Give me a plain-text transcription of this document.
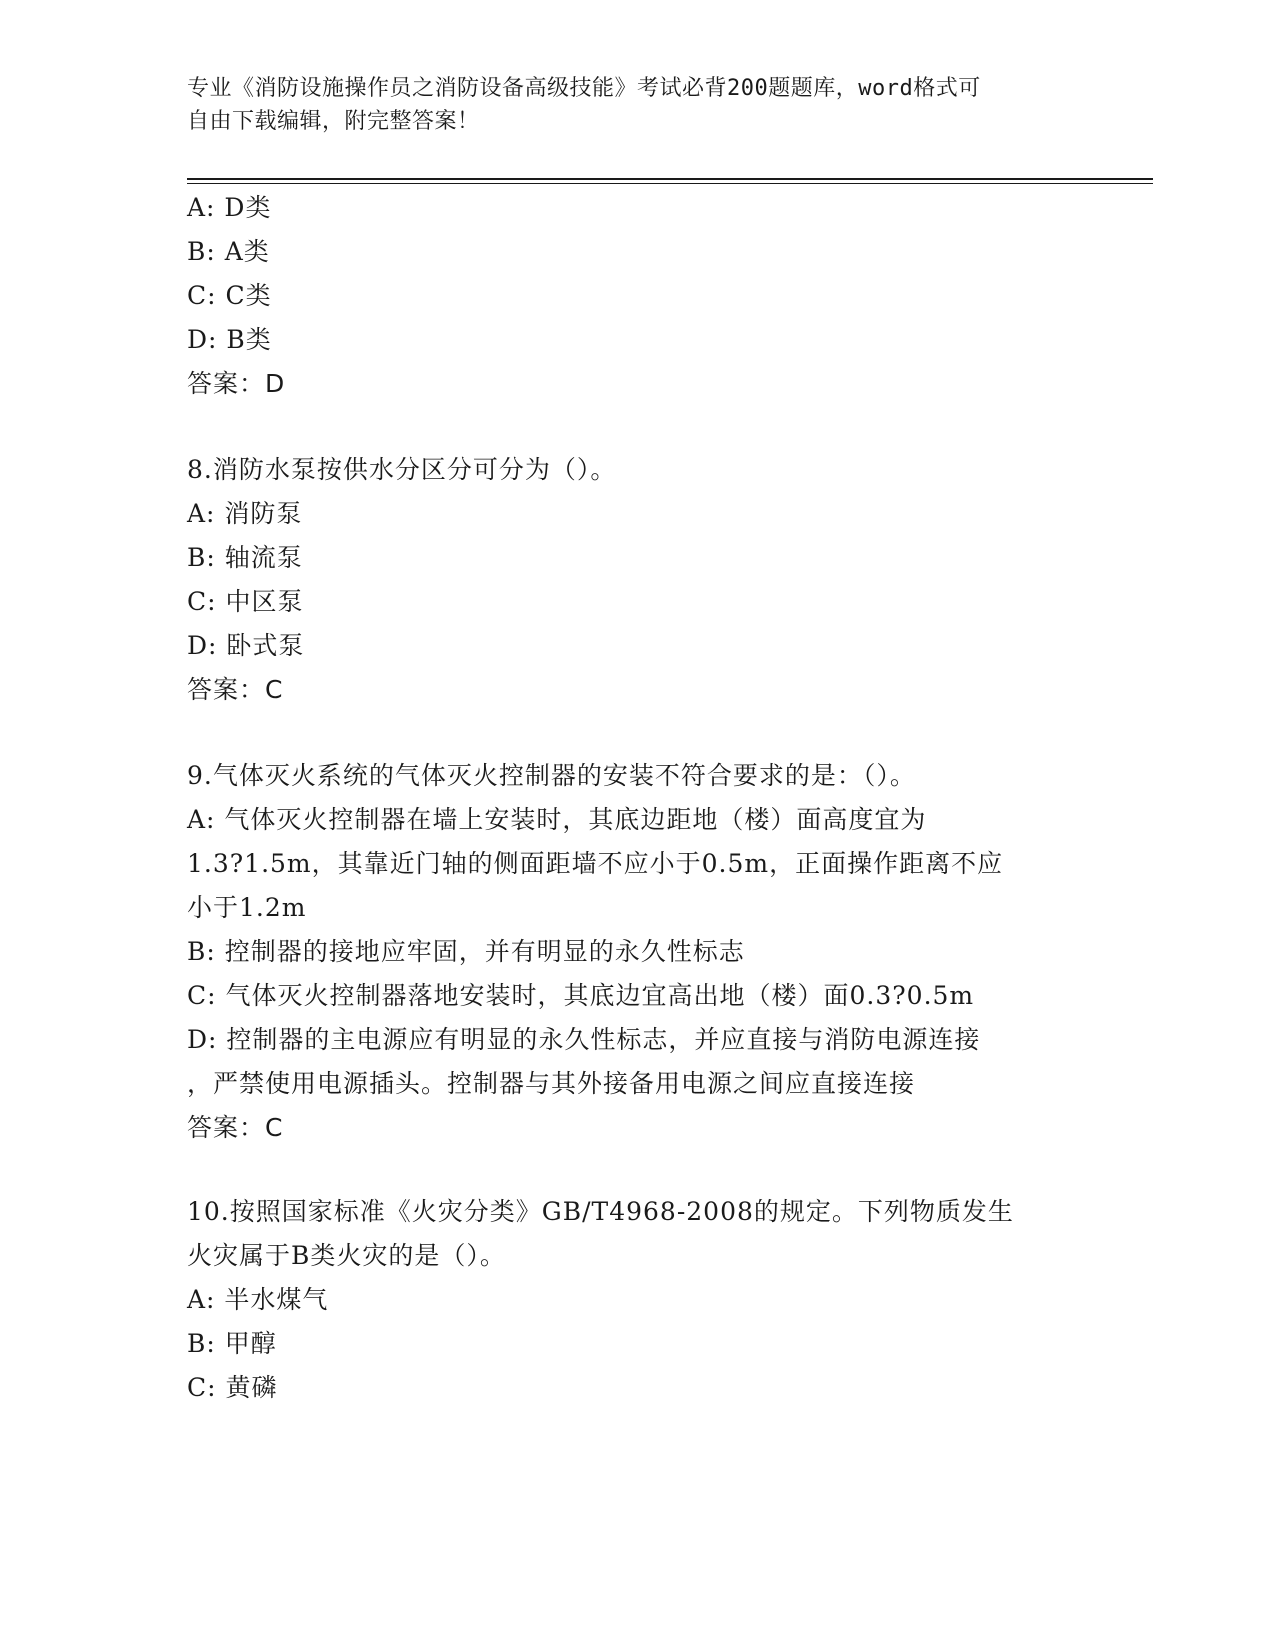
专业《消防设施操作员之消防设备高级技能》考试必背200题题库，word格式可
自由下载编辑，附完整答案！
A: D类
B: A类
C: C类
D: B类
答案：D
8.消防水泵按供水分区分可分为（）。
A: 消防泵
B: 轴流泵
C: 中区泵
D: 卧式泵
答案：C
9.气体灭火系统的气体灭火控制器的安装不符合要求的是：（）。
A: 气体灭火控制器在墙上安装时，其底边距地（楼）面高度宜为
1.3?1.5m，其靠近门轴的侧面距墙不应小于0.5m，正面操作距离不应
小于1.2m
B: 控制器的接地应牢固，并有明显的永久性标志
C: 气体灭火控制器落地安装时，其底边宜高出地（楼）面0.3?0.5m
D: 控制器的主电源应有明显的永久性标志，并应直接与消防电源连接
，严禁使用电源插头。控制器与其外接备用电源之间应直接连接
答案：C
10.按照国家标准《火灾分类》GB/T4968-2008的规定。下列物质发生
火灾属于B类火灾的是（）。
A: 半水煤气
B: 甲醇
C: 黄磷
